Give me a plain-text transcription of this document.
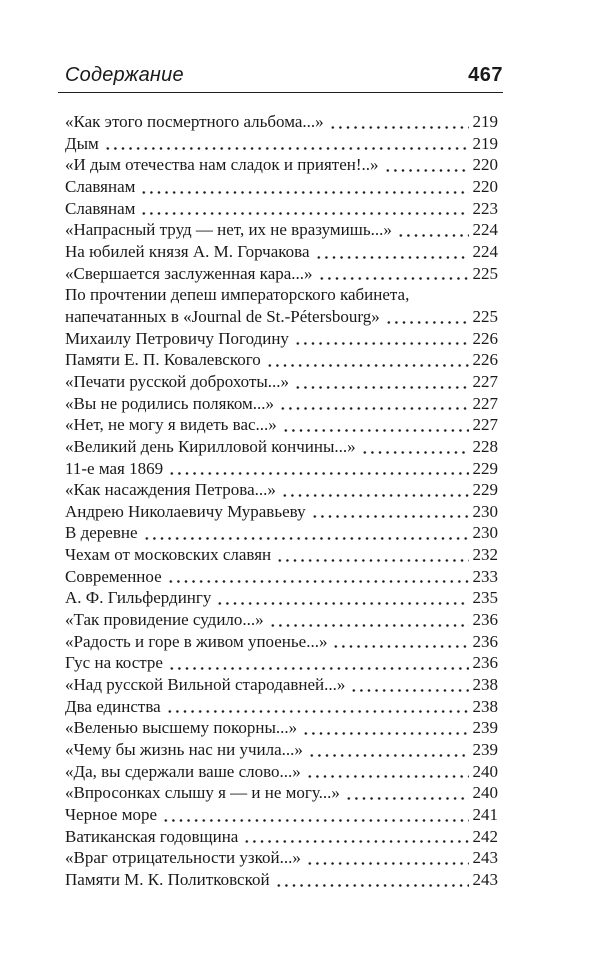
Содержание	467
«Как этого посмертного альбома...»	219
Дым	219
«И дым отечества нам сладок и приятен!..»	220
Славянам	220
Славянам	223
«Напрасный труд — нет, их не вразумишь...»	224
На юбилей князя А. М. Горчакова	224
«Свершается заслуженная кара...»	225
По прочтении депеш императорского кабинета,
напечатанных в «Journal de St.-Pétersbourg»	225
Михаилу Петровичу Погодину	226
Памяти Е. П. Ковалевского	226
«Печати русской доброхоты...»	227
«Вы не родились поляком...»	227
«Нет, не могу я видеть вас...»	227
«Великий день Кирилловой кончины...»	228
11-е мая 1869	229
«Как насаждения Петрова...»	229
Андрею Николаевичу Муравьеву	230
В деревне	230
Чехам от московских славян	232
Современное	233
А. Ф. Гильфердингу	235
«Так провидение судило...»	236
«Радость и горе в живом упоенье...»	236
Гус на костре	236
«Над русской Вильной стародавней...»	238
Два единства	238
«Веленью высшему покорны...»	239
«Чему бы жизнь нас ни учила...»	239
«Да, вы сдержали ваше слово...»	240
«Впросонках слышу я — и не могу...»	240
Черное море	241
Ватиканская годовщина	242
«Враг отрицательности узкой...»	243
Памяти М. К. Политковской	243
